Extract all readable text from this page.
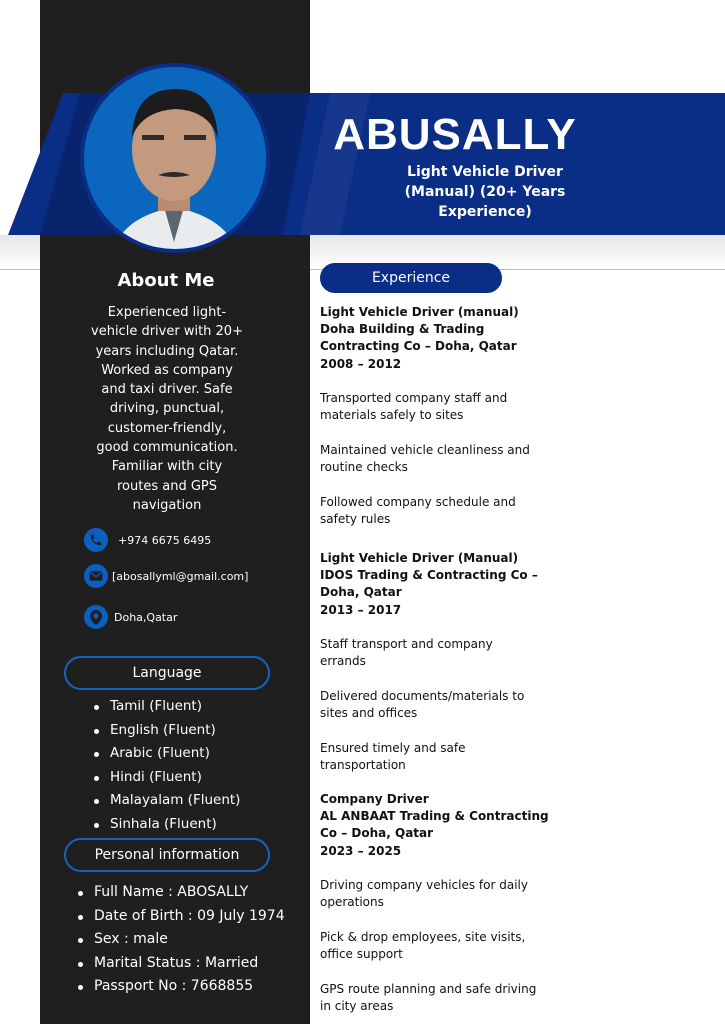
ABUSALLY
Light Vehicle Driver
(Manual) (20+ Years
Experience)
About Me
Experienced light-
vehicle driver with 20+
years including Qatar.
Worked as company
and taxi driver. Safe
driving, punctual,
customer-friendly,
good communication.
Familiar with city
routes and GPS
navigation
+974 6675 6495
[abosallyml@gmail.com]
Doha,Qatar
Language
Tamil (Fluent)
English (Fluent)
Arabic (Fluent)
Hindi (Fluent)
Malayalam (Fluent)
Sinhala (Fluent)
Personal information
Full Name : ABOSALLY
Date of Birth : 09 July 1974
Sex : male
Marital Status : Married
Passport No : 7668855
Experience
Light Vehicle Driver (manual)
Doha Building & Trading
Contracting Co – Doha, Qatar
2008 – 2012
Transported company staff and
materials safely to sites
Maintained vehicle cleanliness and
routine checks
Followed company schedule and
safety rules
Light Vehicle Driver (Manual)
IDOS Trading & Contracting Co –
Doha, Qatar
2013 – 2017
Staff transport and company
errands
Delivered documents/materials to
sites and offices
Ensured timely and safe
transportation
Company Driver
AL ANBAAT Trading & Contracting
Co – Doha, Qatar
2023 – 2025
Driving company vehicles for daily
operations
Pick & drop employees, site visits,
office support
GPS route planning and safe driving
in city areas
